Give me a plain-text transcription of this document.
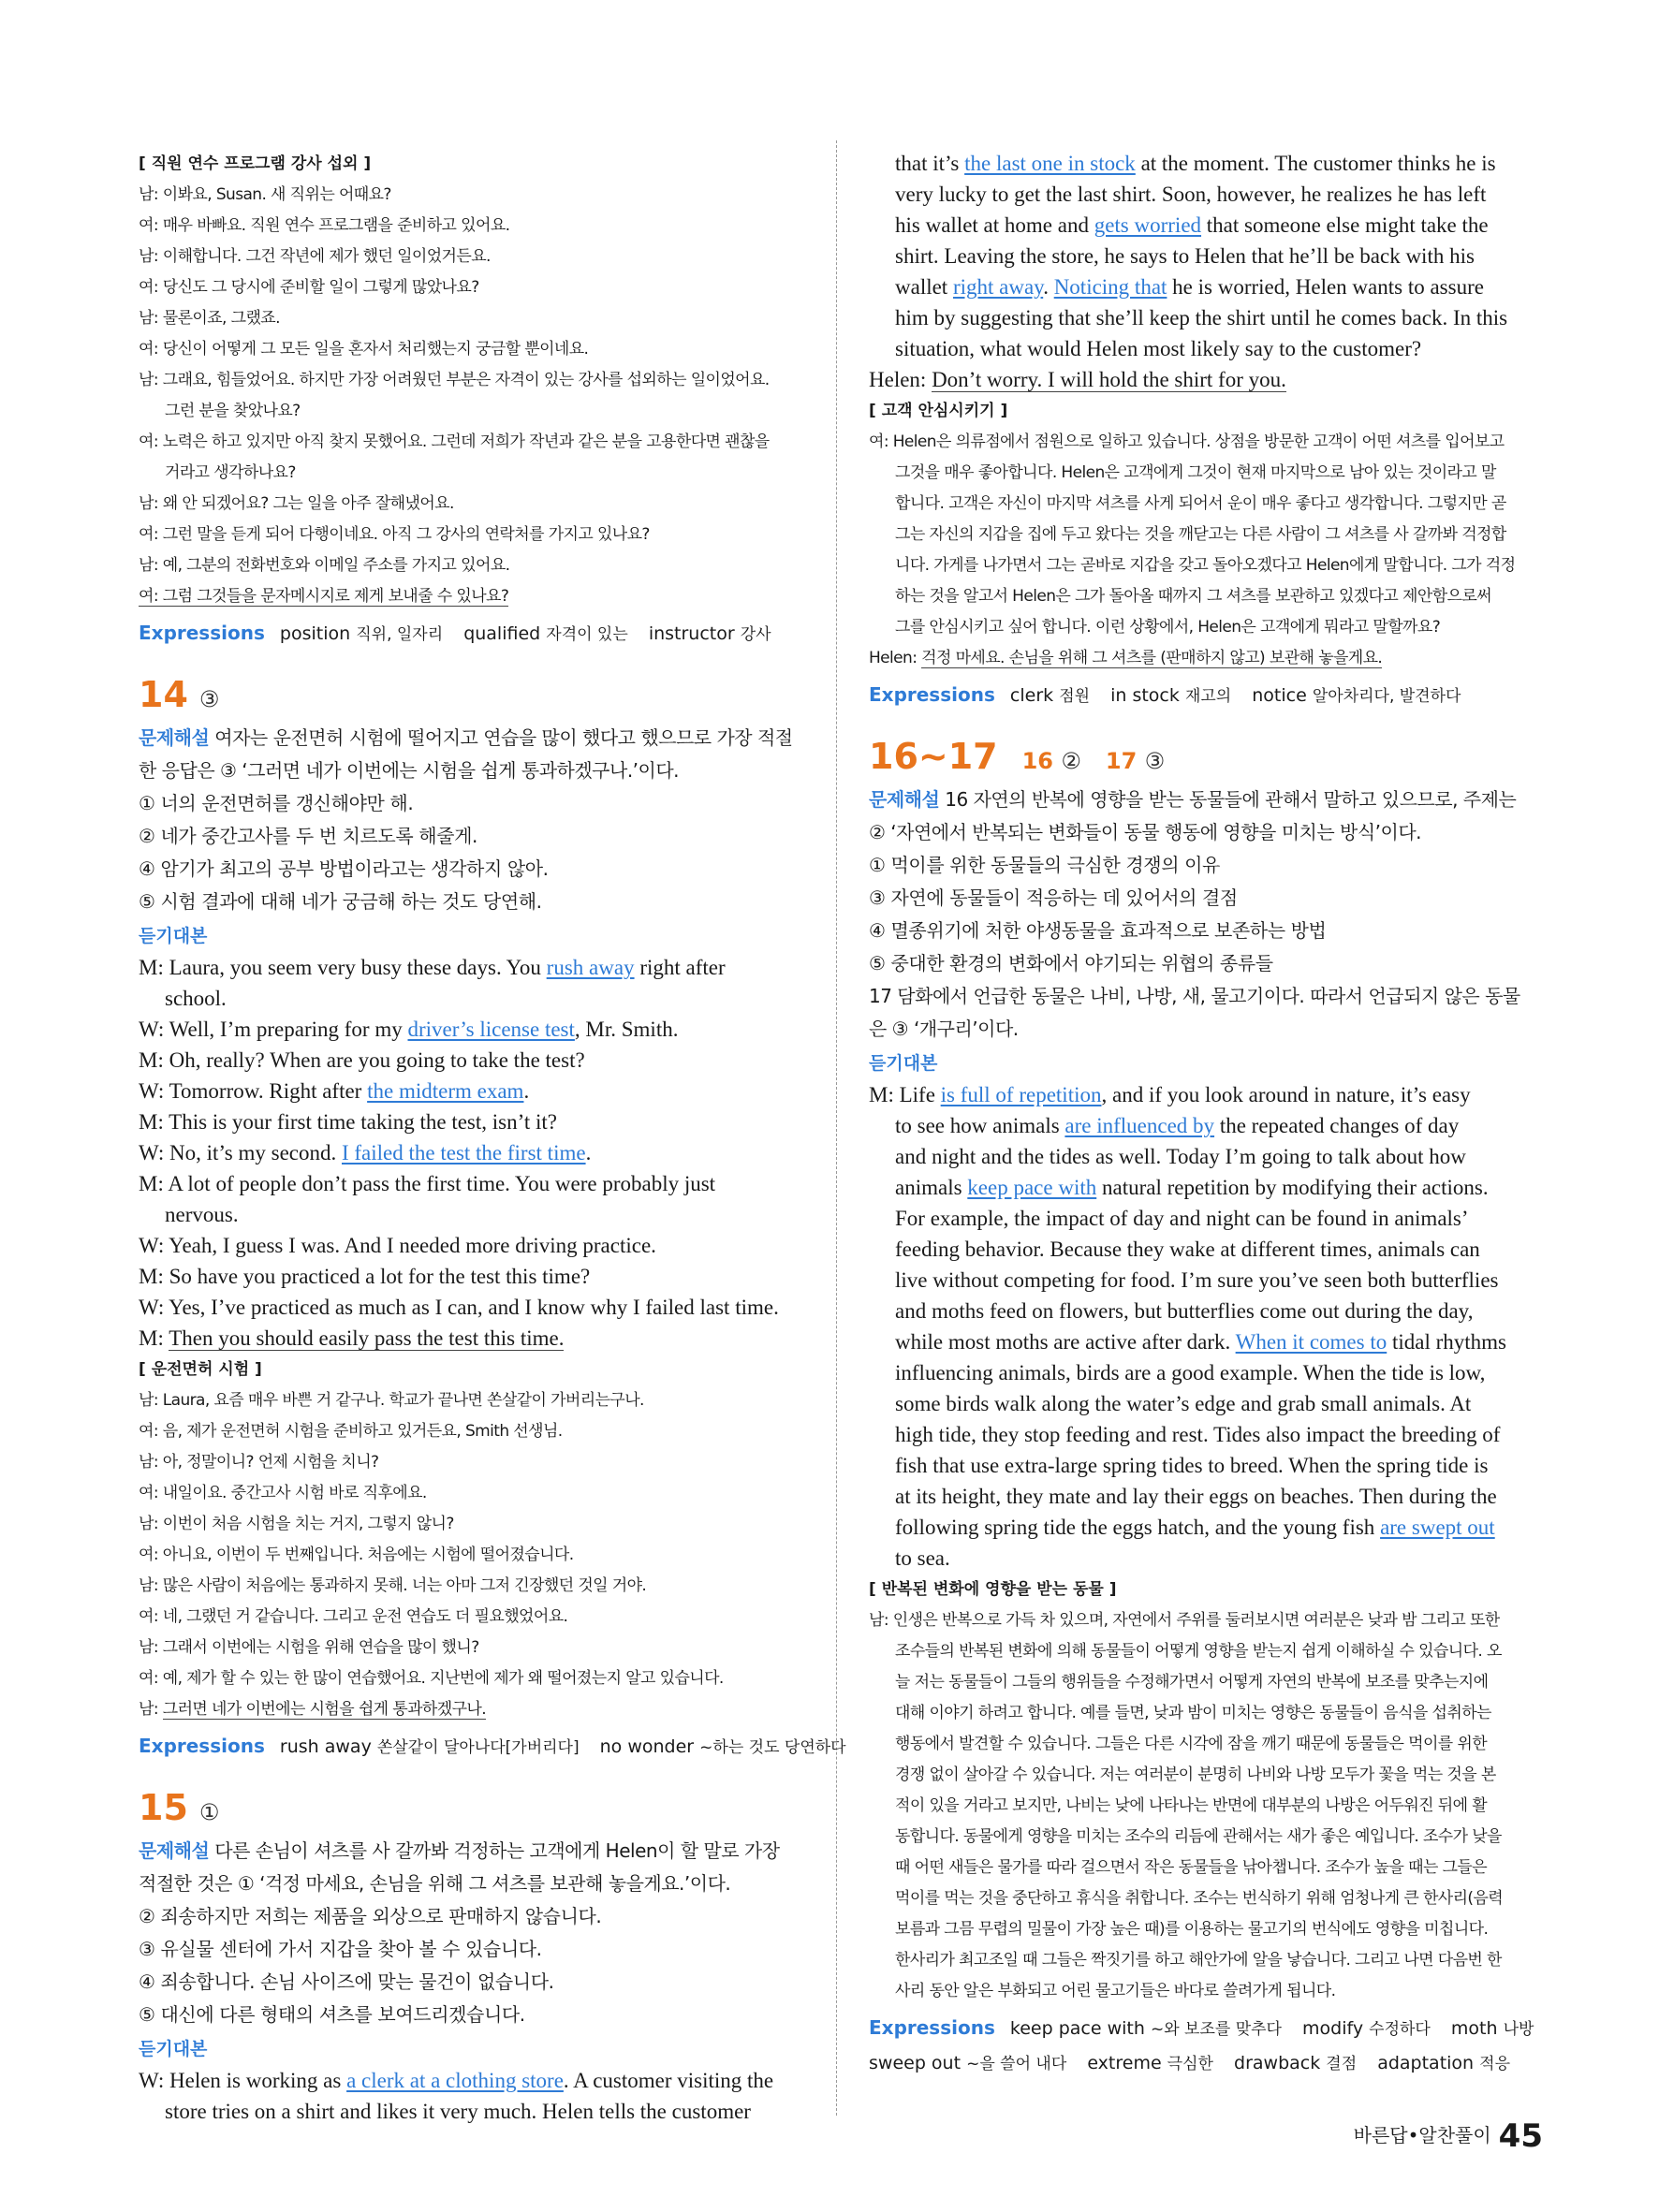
[ 직원 연수 프로그램 강사 섭외 ]
남: 이봐요, Susan. 새 직위는 어때요?
여: 매우 바빠요. 직원 연수 프로그램을 준비하고 있어요.
남: 이해합니다. 그건 작년에 제가 했던 일이었거든요.
여: 당신도 그 당시에 준비할 일이 그렇게 많았나요?
남: 물론이죠, 그랬죠.
여: 당신이 어떻게 그 모든 일을 혼자서 처리했는지 궁금할 뿐이네요.
남: 그래요, 힘들었어요. 하지만 가장 어려웠던 부분은 자격이 있는 강사를 섭외하는 일이었어요.
그런 분을 찾았나요?
여: 노력은 하고 있지만 아직 찾지 못했어요. 그런데 저희가 작년과 같은 분을 고용한다면 괜찮을
거라고 생각하나요?
남: 왜 안 되겠어요? 그는 일을 아주 잘해냈어요.
여: 그런 말을 듣게 되어 다행이네요. 아직 그 강사의 연락처를 가지고 있나요?
남: 예, 그분의 전화번호와 이메일 주소를 가지고 있어요.
여: 그럼 그것들을 문자메시지로 제게 보내줄 수 있나요?
Expressions position 직위, 일자리 qualified 자격이 있는 instructor 강사
14 ③
문제해설 여자는 운전면허 시험에 떨어지고 연습을 많이 했다고 했으므로 가장 적절
한 응답은 ③ ‘그러면 네가 이번에는 시험을 쉽게 통과하겠구나.’이다.
① 너의 운전면허를 갱신해야만 해.
② 네가 중간고사를 두 번 치르도록 해줄게.
④ 암기가 최고의 공부 방법이라고는 생각하지 않아.
⑤ 시험 결과에 대해 네가 궁금해 하는 것도 당연해.
듣기대본
M: Laura, you seem very busy these days. You rush away right after
school.
W: Well, I’m preparing for my driver’s license test, Mr. Smith.
M: Oh, really? When are you going to take the test?
W: Tomorrow. Right after the midterm exam.
M: This is your first time taking the test, isn’t it?
W: No, it’s my second. I failed the test the first time.
M: A lot of people don’t pass the first time. You were probably just
nervous.
W: Yeah, I guess I was. And I needed more driving practice.
M: So have you practiced a lot for the test this time?
W: Yes, I’ve practiced as much as I can, and I know why I failed last time.
M: Then you should easily pass the test this time.
[ 운전면허 시험 ]
남: Laura, 요즘 매우 바쁜 거 같구나. 학교가 끝나면 쏜살같이 가버리는구나.
여: 음, 제가 운전면허 시험을 준비하고 있거든요, Smith 선생님.
남: 아, 정말이니? 언제 시험을 치니?
여: 내일이요. 중간고사 시험 바로 직후에요.
남: 이번이 처음 시험을 치는 거지, 그렇지 않니?
여: 아니요, 이번이 두 번째입니다. 처음에는 시험에 떨어졌습니다.
남: 많은 사람이 처음에는 통과하지 못해. 너는 아마 그저 긴장했던 것일 거야.
여: 네, 그랬던 거 같습니다. 그리고 운전 연습도 더 필요했었어요.
남: 그래서 이번에는 시험을 위해 연습을 많이 했니?
여: 예, 제가 할 수 있는 한 많이 연습했어요. 지난번에 제가 왜 떨어졌는지 알고 있습니다.
남: 그러면 네가 이번에는 시험을 쉽게 통과하겠구나.
Expressions rush away 쏜살같이 달아나다[가버리다] no wonder ~하는 것도 당연하다
15 ①
문제해설 다른 손님이 셔츠를 사 갈까봐 걱정하는 고객에게 Helen이 할 말로 가장
적절한 것은 ① ‘걱정 마세요, 손님을 위해 그 셔츠를 보관해 놓을게요.’이다.
② 죄송하지만 저희는 제품을 외상으로 판매하지 않습니다.
③ 유실물 센터에 가서 지갑을 찾아 볼 수 있습니다.
④ 죄송합니다. 손님 사이즈에 맞는 물건이 없습니다.
⑤ 대신에 다른 형태의 셔츠를 보여드리겠습니다.
듣기대본
W: Helen is working as a clerk at a clothing store. A customer visiting the
store tries on a shirt and likes it very much. Helen tells the customer
that it’s the last one in stock at the moment. The customer thinks he is
very lucky to get the last shirt. Soon, however, he realizes he has left
his wallet at home and gets worried that someone else might take the
shirt. Leaving the store, he says to Helen that he’ll be back with his
wallet right away. Noticing that he is worried, Helen wants to assure
him by suggesting that she’ll keep the shirt until he comes back. In this
situation, what would Helen most likely say to the customer?
Helen: Don’t worry. I will hold the shirt for you.
[ 고객 안심시키기 ]
여: Helen은 의류점에서 점원으로 일하고 있습니다. 상점을 방문한 고객이 어떤 셔츠를 입어보고
그것을 매우 좋아합니다. Helen은 고객에게 그것이 현재 마지막으로 남아 있는 것이라고 말
합니다. 고객은 자신이 마지막 셔츠를 사게 되어서 운이 매우 좋다고 생각합니다. 그렇지만 곧
그는 자신의 지갑을 집에 두고 왔다는 것을 깨닫고는 다른 사람이 그 셔츠를 사 갈까봐 걱정합
니다. 가게를 나가면서 그는 곧바로 지갑을 갖고 돌아오겠다고 Helen에게 말합니다. 그가 걱정
하는 것을 알고서 Helen은 그가 돌아올 때까지 그 셔츠를 보관하고 있겠다고 제안함으로써
그를 안심시키고 싶어 합니다. 이런 상황에서, Helen은 고객에게 뭐라고 말할까요?
Helen: 걱정 마세요. 손님을 위해 그 셔츠를 (판매하지 않고) 보관해 놓을게요.
Expressions clerk 점원 in stock 재고의 notice 알아차리다, 발견하다
16~17 16 ② 17 ③
문제해설 16 자연의 반복에 영향을 받는 동물들에 관해서 말하고 있으므로, 주제는
② ‘자연에서 반복되는 변화들이 동물 행동에 영향을 미치는 방식’이다.
① 먹이를 위한 동물들의 극심한 경쟁의 이유
③ 자연에 동물들이 적응하는 데 있어서의 결점
④ 멸종위기에 처한 야생동물을 효과적으로 보존하는 방법
⑤ 중대한 환경의 변화에서 야기되는 위협의 종류들
17 담화에서 언급한 동물은 나비, 나방, 새, 물고기이다. 따라서 언급되지 않은 동물
은 ③ ‘개구리’이다.
듣기대본
M: Life is full of repetition, and if you look around in nature, it’s easy
to see how animals are influenced by the repeated changes of day
and night and the tides as well. Today I’m going to talk about how
animals keep pace with natural repetition by modifying their actions.
For example, the impact of day and night can be found in animals’
feeding behavior. Because they wake at different times, animals can
live without competing for food. I’m sure you’ve seen both butterflies
and moths feed on flowers, but butterflies come out during the day,
while most moths are active after dark. When it comes to tidal rhythms
influencing animals, birds are a good example. When the tide is low,
some birds walk along the water’s edge and grab small animals. At
high tide, they stop feeding and rest. Tides also impact the breeding of
fish that use extra-large spring tides to breed. When the spring tide is
at its height, they mate and lay their eggs on beaches. Then during the
following spring tide the eggs hatch, and the young fish are swept out
to sea.
[ 반복된 변화에 영향을 받는 동물 ]
남: 인생은 반복으로 가득 차 있으며, 자연에서 주위를 둘러보시면 여러분은 낮과 밤 그리고 또한
조수들의 반복된 변화에 의해 동물들이 어떻게 영향을 받는지 쉽게 이해하실 수 있습니다. 오
늘 저는 동물들이 그들의 행위들을 수정해가면서 어떻게 자연의 반복에 보조를 맞추는지에
대해 이야기 하려고 합니다. 예를 들면, 낮과 밤이 미치는 영향은 동물들이 음식을 섭취하는
행동에서 발견할 수 있습니다. 그들은 다른 시각에 잠을 깨기 때문에 동물들은 먹이를 위한
경쟁 없이 살아갈 수 있습니다. 저는 여러분이 분명히 나비와 나방 모두가 꽃을 먹는 것을 본
적이 있을 거라고 보지만, 나비는 낮에 나타나는 반면에 대부분의 나방은 어두워진 뒤에 활
동합니다. 동물에게 영향을 미치는 조수의 리듬에 관해서는 새가 좋은 예입니다. 조수가 낮을
때 어떤 새들은 물가를 따라 걸으면서 작은 동물들을 낚아챕니다. 조수가 높을 때는 그들은
먹이를 먹는 것을 중단하고 휴식을 취합니다. 조수는 번식하기 위해 엄청나게 큰 한사리(음력
보름과 그믐 무렵의 밀물이 가장 높은 때)를 이용하는 물고기의 번식에도 영향을 미칩니다.
한사리가 최고조일 때 그들은 짝짓기를 하고 해안가에 알을 낳습니다. 그리고 나면 다음번 한
사리 동안 알은 부화되고 어린 물고기들은 바다로 쓸려가게 됩니다.
Expressions keep pace with ~와 보조를 맞추다 modify 수정하다 moth 나방
sweep out ~을 쓸어 내다 extreme 극심한 drawback 결점 adaptation 적응
바른답•알찬풀이 45
